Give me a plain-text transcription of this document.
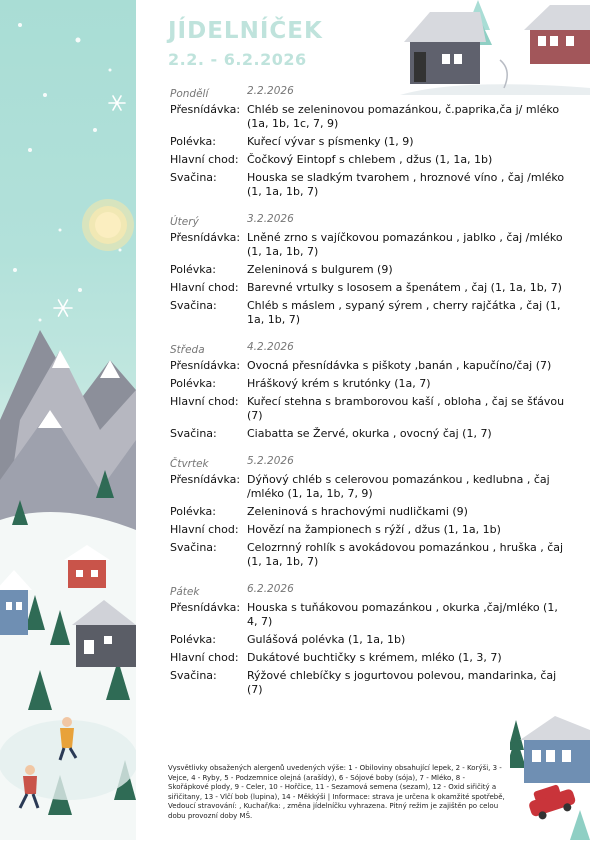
JÍDELNÍČEK
2.2. - 6.2.2026
Pondělí	2.2.2026
Přesnídávka: Chléb se zeleninovou pomazánkou, č.paprika,ča j/ mléko (1a, 1b, 1c, 7, 9)
Polévka:	Kuřecí vývar s písmenky (1, 9)
Hlavní chod: Čočkový Eintopf s chlebem , džus (1, 1a, 1b)
Svačina:	Houska se sladkým tvarohem , hroznové víno , čaj /mléko (1, 1a, 1b, 7)
Úterý	3.2.2026
Přesnídávka: Lněné zrno s vajíčkovou pomazánkou , jablko , čaj /mléko (1, 1a, 1b, 7)
Polévka:	Zeleninová s bulgurem (9)
Hlavní chod: Barevné vrtulky s lososem a špenátem , čaj (1, 1a, 1b, 7)
Svačina:	Chléb s máslem , sypaný sýrem , cherry rajčátka , čaj (1, 1a, 1b, 7)
Středa	4.2.2026
Přesnídávka: Ovocná přesnídávka s piškoty ,banán , kapučíno/čaj (7)
Polévka:	Hráškový krém s krutónky (1a, 7)
Hlavní chod: Kuřecí stehna s bramborovou kaší , obloha , čaj se šťávou (7)
Svačina:	Ciabatta se Žervé, okurka , ovocný čaj (1, 7)
Čtvrtek	5.2.2026
Přesnídávka: Dýňový chléb s celerovou pomazánkou , kedlubna , čaj /mléko (1, 1a, 1b, 7, 9)
Polévka:	Zeleninová s hrachovými nudličkami (9)
Hlavní chod: Hovězí na žampionech s rýží , džus (1, 1a, 1b)
Svačina:	Celozrnný rohlík s avokádovou pomazánkou , hruška , čaj (1, 1a, 1b, 7)
Pátek	6.2.2026
Přesnídávka: Houska s tuňákovou pomazánkou , okurka ,čaj/mléko (1, 4, 7)
Polévka:	Gulášová polévka (1, 1a, 1b)
Hlavní chod: Dukátové buchtičky s krémem, mléko (1, 3, 7)
Svačina:	Rýžové chlebíčky s jogurtovou polevou, mandarinka, čaj (7)
Vysvětlivky obsažených alergenů uvedených výše: 1 - Obiloviny obsahující lepek, 2 - Korýši, 3 - Vejce, 4 - Ryby, 5 - Podzemnice olejná (arašídy), 6 - Sójové boby (sója), 7 - Mléko, 8 - Skořápkové plody, 9 - Celer, 10 - Hořčice, 11 - Sezamová semena (sezam), 12 - Oxid siřičitý a siřičitany, 13 - Vlčí bob (lupina), 14 - Měkkýši | Informace: strava je určena k okamžité spotřebě, Vedoucí stravování: , Kuchař/ka: , změna jídelníčku vyhrazena. Pitný režim je zajištěn po celou dobu provozní doby MŠ.
